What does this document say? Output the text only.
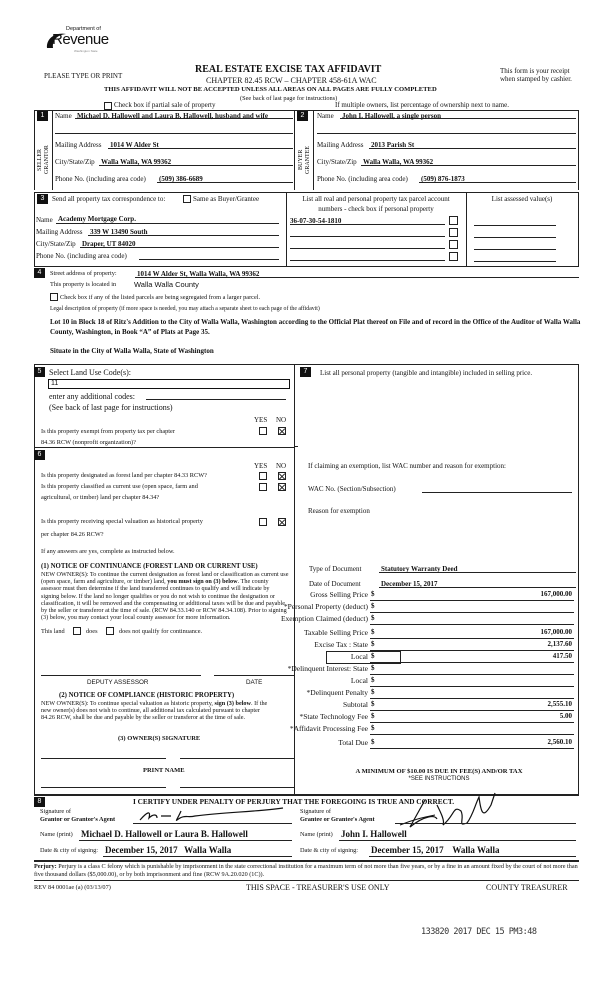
Department of
Revenue
Washington State
PLEASE TYPE OR PRINT
REAL ESTATE EXCISE TAX AFFIDAVIT
CHAPTER 82.45 RCW – CHAPTER 458-61A WAC
THIS AFFIDAVIT WILL NOT BE ACCEPTED UNLESS ALL AREAS ON ALL PAGES ARE FULLY COMPLETED
(See back of last page for instructions)
This form is your receipt
when stamped by cashier.
Check box if partial sale of property	If multiple owners, list percentage of ownership next to name.
1
SELLER
GRANTOR
Name Michael D. Hallowell and Laura B. Hallowell, husband and wife
Mailing Address 1014 W Alder St
City/State/Zip Walla Walla, WA 99362
Phone No. (including area code) (509) 386-6689
2
BUYER
GRANTEE
Name John I. Hallowell, a single person
Mailing Address 2013 Parish St
City/State/Zip Walla Walla, WA 99362
Phone No. (including area code) (509) 876-1873
3	Send all property tax correspondence to:	Same as Buyer/Grantee
Name Academy Mortgage Corp.
Mailing Address 339 W 13490 South
City/State/Zip Draper, UT 84020
Phone No. (including area code)
List all real and personal property tax parcel account
numbers - check box if personal property
List assessed value(s)
36-07-30-54-1810
4	Street address of property:	1014 W Alder St, Walla Walla, WA 99362
This property is located in Walla Walla County
Check box if any of the listed parcels are being segregated from a larger parcel.
Legal description of property (if more space is needed, you may attach a separate sheet to each page of the affidavit)
Lot 10 in Block 18 of Ritz's Addition to the City of Walla Walla, Washington according to the Official Plat thereof on File and of record in the Office of the Auditor of Walla Walla County, Washington, in Book “A” of Plats at Page 35.
Situate in the City of Walla Walla, State of Washington
5 Select Land Use Code(s):
11
enter any additional codes:
(See back of last page for instructions)
YES NO
Is this property exempt from property tax per chapter
84.36 RCW (nonprofit organization)?
6
YES NO
Is this property designated as forest land per chapter 84.33 RCW?
Is this property classified as current use (open space, farm and
agricultural, or timber) land per chapter 84.34?
Is this property receiving special valuation as historical property
per chapter 84.26 RCW?
If any answers are yes, complete as instructed below.
(1) NOTICE OF CONTINUANCE (FOREST LAND OR CURRENT USE)
NEW OWNER(S): To continue the current designation as forest land or classification as current use (open space, farm and agriculture, or timber) land, you must sign on (3) below. The county assessor must then determine if the land transferred continues to qualify and will indicate by signing below. If the land no longer qualifies or you do not wish to continue the designation or classification, it will be removed and the compensating or additional taxes will be due and payable by the seller or transferor at the time of sale. (RCW 84.33.140 or RCW 84.34.108). Prior to signing (3) below, you may contact your local county assessor for more information.
This land	does	does not qualify for continuance.
DEPUTY ASSESSOR	DATE
(2) NOTICE OF COMPLIANCE (HISTORIC PROPERTY)
NEW OWNER(S): To continue special valuation as historic property, sign (3) below. If the new owner(s) does not wish to continue, all additional tax calculated pursuant to chapter 84.26 RCW, shall be due and payable by the seller or transferor at the time of sale.
(3) OWNER(S) SIGNATURE
PRINT NAME
7	List all personal property (tangible and intangible) included in selling price.
If claiming an exemption, list WAC number and reason for exemption:
WAC No. (Section/Subsection)
Reason for exemption
Type of Document	Statutory Warranty Deed
Date of Document	December 15, 2017
Gross Selling Price $	167,000.00
*Personal Property (deduct) $
Exemption Claimed (deduct) $
Taxable Selling Price $	167,000.00
Excise Tax : State $	2,137.60
Local $	417.50
*Delinquent Interest: State $
Local $
*Delinquent Penalty $
Subtotal $	2,555.10
*State Technology Fee $	5.00
*Affidavit Processing Fee $
Total Due $	2,560.10
A MINIMUM OF $10.00 IS DUE IN FEE(S) AND/OR TAX
*SEE INSTRUCTIONS
8	I CERTIFY UNDER PENALTY OF PERJURY THAT THE FOREGOING IS TRUE AND CORRECT.
Signature of
Grantor or Grantor's Agent
Name (print) Michael D. Hallowell or Laura B. Hallowell
Date & city of signing: December 15, 2017   Walla Walla
Signature of
Grantee or Grantee's Agent
Name (print) John I. Hallowell
Date & city of signing: December 15, 2017    Walla Walla
Perjury: Perjury is a class C felony which is punishable by imprisonment in the state correctional institution for a maximum term of not more than five years, or by a fine in an amount fixed by the court of not more than five thousand dollars ($5,000.00), or by both imprisonment and fine (RCW 9A.20.020 (1C)).
REV 84 0001ae (a) (03/13/07)	THIS SPACE - TREASURER'S USE ONLY	COUNTY TREASURER
133820 2017 DEC 15 PM3:48
